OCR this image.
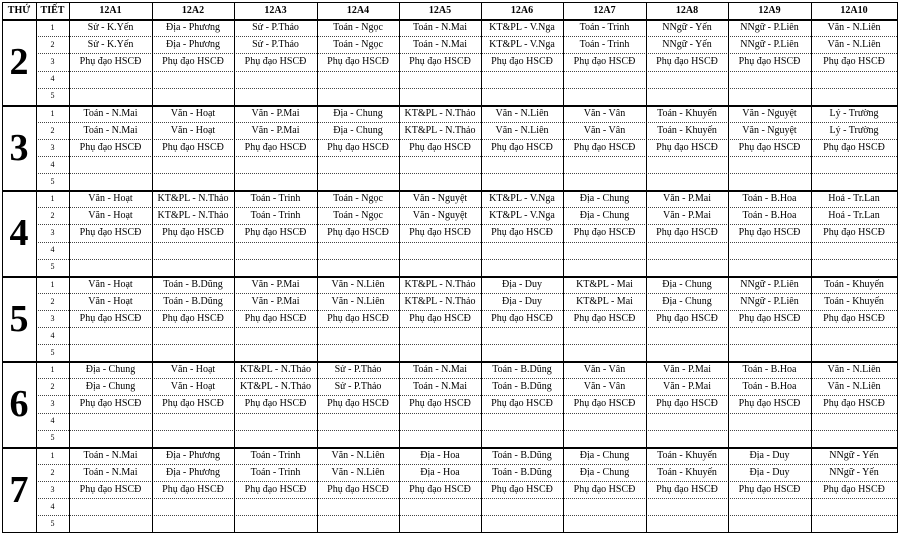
THỨ	TIẾT	12A1	12A2	12A3	12A4	12A5	12A6	12A7	12A8	12A9	12A10
2
1	Sử - K.Yến	Địa - Phương	Sử - P.Thảo	Toán - Ngọc	Toán - N.Mai	KT&PL - V.Nga	Toán - Trinh	NNgữ - Yến	NNgữ - P.Liên	Văn - N.Liên
2	Sử - K.Yến	Địa - Phương	Sử - P.Thảo	Toán - Ngọc	Toán - N.Mai	KT&PL - V.Nga	Toán - Trinh	NNgữ - Yến	NNgữ - P.Liên	Văn - N.Liên
3	Phụ đạo HSCĐ	Phụ đạo HSCĐ	Phụ đạo HSCĐ	Phụ đạo HSCĐ	Phụ đạo HSCĐ	Phụ đạo HSCĐ	Phụ đạo HSCĐ	Phụ đạo HSCĐ	Phụ đạo HSCĐ	Phụ đạo HSCĐ
4
5
3
1	Toán - N.Mai	Văn - Hoạt	Văn - P.Mai	Địa - Chung	KT&PL - N.Thảo	Văn - N.Liên	Văn - Vân	Toán - Khuyến	Văn - Nguyệt	Lý - Trường
2	Toán - N.Mai	Văn - Hoạt	Văn - P.Mai	Địa - Chung	KT&PL - N.Thảo	Văn - N.Liên	Văn - Vân	Toán - Khuyến	Văn - Nguyệt	Lý - Trường
3	Phụ đạo HSCĐ	Phụ đạo HSCĐ	Phụ đạo HSCĐ	Phụ đạo HSCĐ	Phụ đạo HSCĐ	Phụ đạo HSCĐ	Phụ đạo HSCĐ	Phụ đạo HSCĐ	Phụ đạo HSCĐ	Phụ đạo HSCĐ
4
5
4
1	Văn - Hoạt	KT&PL - N.Thảo	Toán - Trinh	Toán - Ngọc	Văn - Nguyệt	KT&PL - V.Nga	Địa - Chung	Văn - P.Mai	Toán - B.Hoa	Hoá - Tr.Lan
2	Văn - Hoạt	KT&PL - N.Thảo	Toán - Trinh	Toán - Ngọc	Văn - Nguyệt	KT&PL - V.Nga	Địa - Chung	Văn - P.Mai	Toán - B.Hoa	Hoá - Tr.Lan
3	Phụ đạo HSCĐ	Phụ đạo HSCĐ	Phụ đạo HSCĐ	Phụ đạo HSCĐ	Phụ đạo HSCĐ	Phụ đạo HSCĐ	Phụ đạo HSCĐ	Phụ đạo HSCĐ	Phụ đạo HSCĐ	Phụ đạo HSCĐ
4
5
5
1	Văn - Hoạt	Toán - B.Dũng	Văn - P.Mai	Văn - N.Liên	KT&PL - N.Thảo	Địa - Duy	KT&PL - Mai	Địa - Chung	NNgữ - P.Liên	Toán - Khuyến
2	Văn - Hoạt	Toán - B.Dũng	Văn - P.Mai	Văn - N.Liên	KT&PL - N.Thảo	Địa - Duy	KT&PL - Mai	Địa - Chung	NNgữ - P.Liên	Toán - Khuyến
3	Phụ đạo HSCĐ	Phụ đạo HSCĐ	Phụ đạo HSCĐ	Phụ đạo HSCĐ	Phụ đạo HSCĐ	Phụ đạo HSCĐ	Phụ đạo HSCĐ	Phụ đạo HSCĐ	Phụ đạo HSCĐ	Phụ đạo HSCĐ
4
5
6
1	Địa - Chung	Văn - Hoạt	KT&PL - N.Thảo	Sử - P.Thảo	Toán - N.Mai	Toán - B.Dũng	Văn - Vân	Văn - P.Mai	Toán - B.Hoa	Văn - N.Liên
2	Địa - Chung	Văn - Hoạt	KT&PL - N.Thảo	Sử - P.Thảo	Toán - N.Mai	Toán - B.Dũng	Văn - Vân	Văn - P.Mai	Toán - B.Hoa	Văn - N.Liên
3	Phụ đạo HSCĐ	Phụ đạo HSCĐ	Phụ đạo HSCĐ	Phụ đạo HSCĐ	Phụ đạo HSCĐ	Phụ đạo HSCĐ	Phụ đạo HSCĐ	Phụ đạo HSCĐ	Phụ đạo HSCĐ	Phụ đạo HSCĐ
4
5
7
1	Toán - N.Mai	Địa - Phương	Toán - Trinh	Văn - N.Liên	Địa - Hoa	Toán - B.Dũng	Địa - Chung	Toán - Khuyến	Địa - Duy	NNgữ - Yến
2	Toán - N.Mai	Địa - Phương	Toán - Trinh	Văn - N.Liên	Địa - Hoa	Toán - B.Dũng	Địa - Chung	Toán - Khuyến	Địa - Duy	NNgữ - Yến
3	Phụ đạo HSCĐ	Phụ đạo HSCĐ	Phụ đạo HSCĐ	Phụ đạo HSCĐ	Phụ đạo HSCĐ	Phụ đạo HSCĐ	Phụ đạo HSCĐ	Phụ đạo HSCĐ	Phụ đạo HSCĐ	Phụ đạo HSCĐ
4
5
